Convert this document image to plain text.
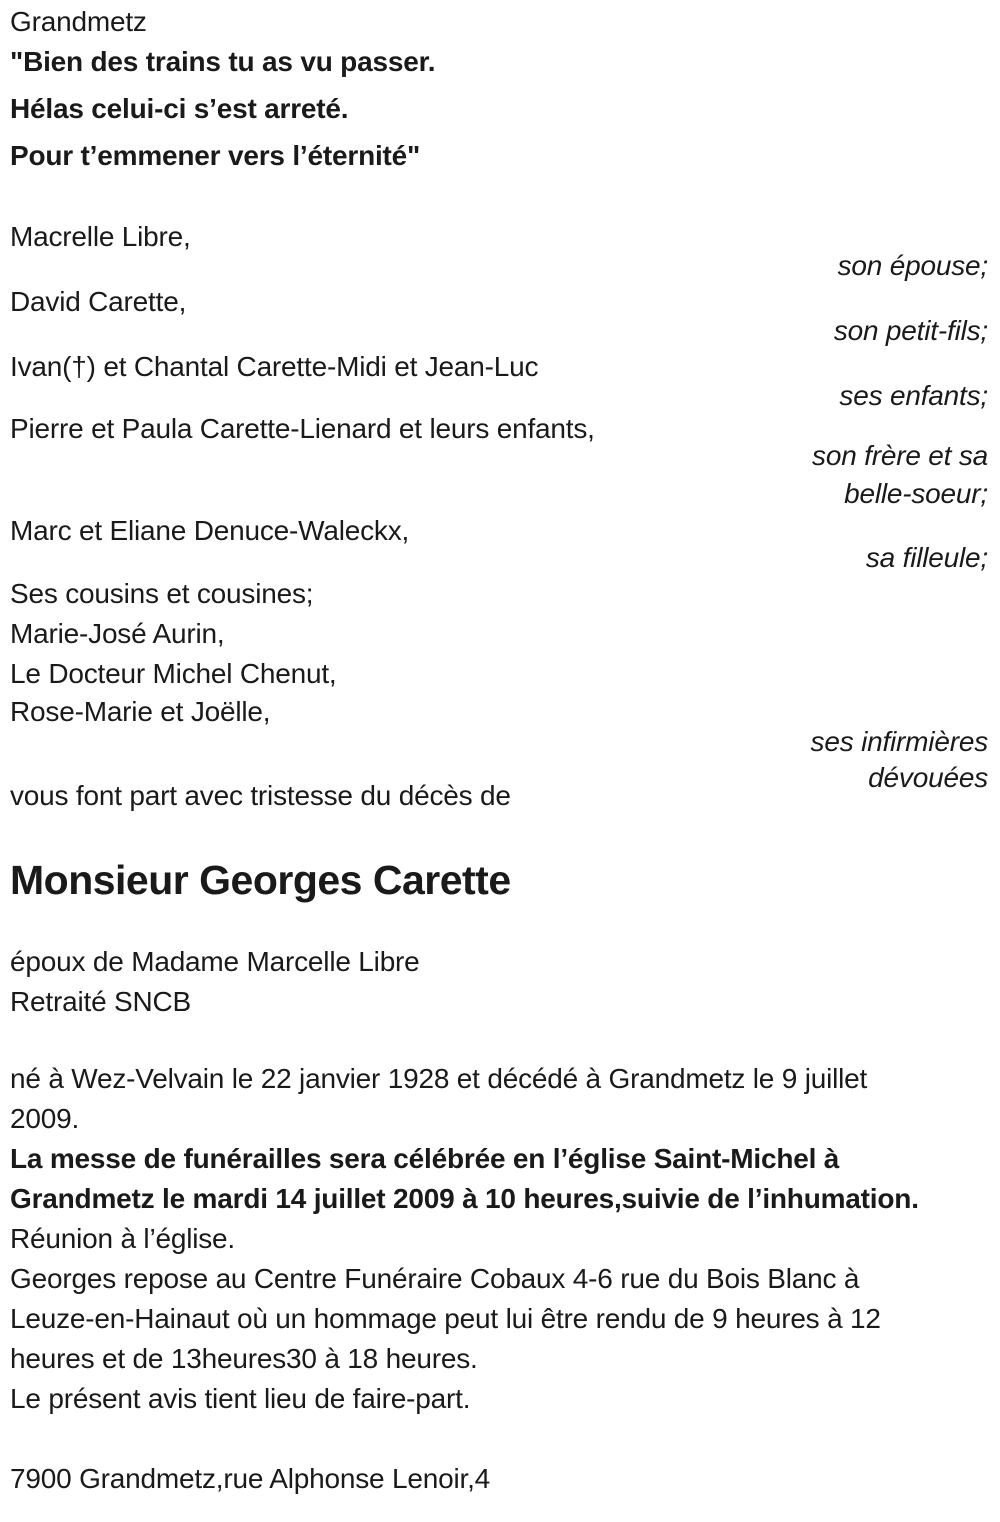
Grandmetz
"Bien des trains tu as vu passer.
Hélas celui-ci s’est arreté.
Pour t’emmener vers l’éternité"
Macrelle Libre,
son épouse;
David Carette,
son petit-fils;
Ivan(†) et Chantal Carette-Midi et Jean-Luc
ses enfants;
Pierre et Paula Carette-Lienard et leurs enfants,
son frère et sa
belle-soeur;
Marc et Eliane Denuce-Waleckx,
sa filleule;
Ses cousins et cousines;
Marie-José Aurin,
Le Docteur Michel Chenut,
Rose-Marie et Joëlle,
ses infirmières
dévouées
vous font part avec tristesse du décès de
Monsieur Georges Carette
époux de Madame Marcelle Libre
Retraité SNCB
né à Wez-Velvain le 22 janvier 1928 et décédé à Grandmetz le 9 juillet
2009.
La messe de funérailles sera célébrée en l’église Saint-Michel à
Grandmetz le mardi 14 juillet 2009 à 10 heures,suivie de l’inhumation.
Réunion à l’église.
Georges repose au Centre Funéraire Cobaux 4-6 rue du Bois Blanc à
Leuze-en-Hainaut où un hommage peut lui être rendu de 9 heures à 12
heures et de 13heures30 à 18 heures.
Le présent avis tient lieu de faire-part.
7900 Grandmetz,rue Alphonse Lenoir,4
